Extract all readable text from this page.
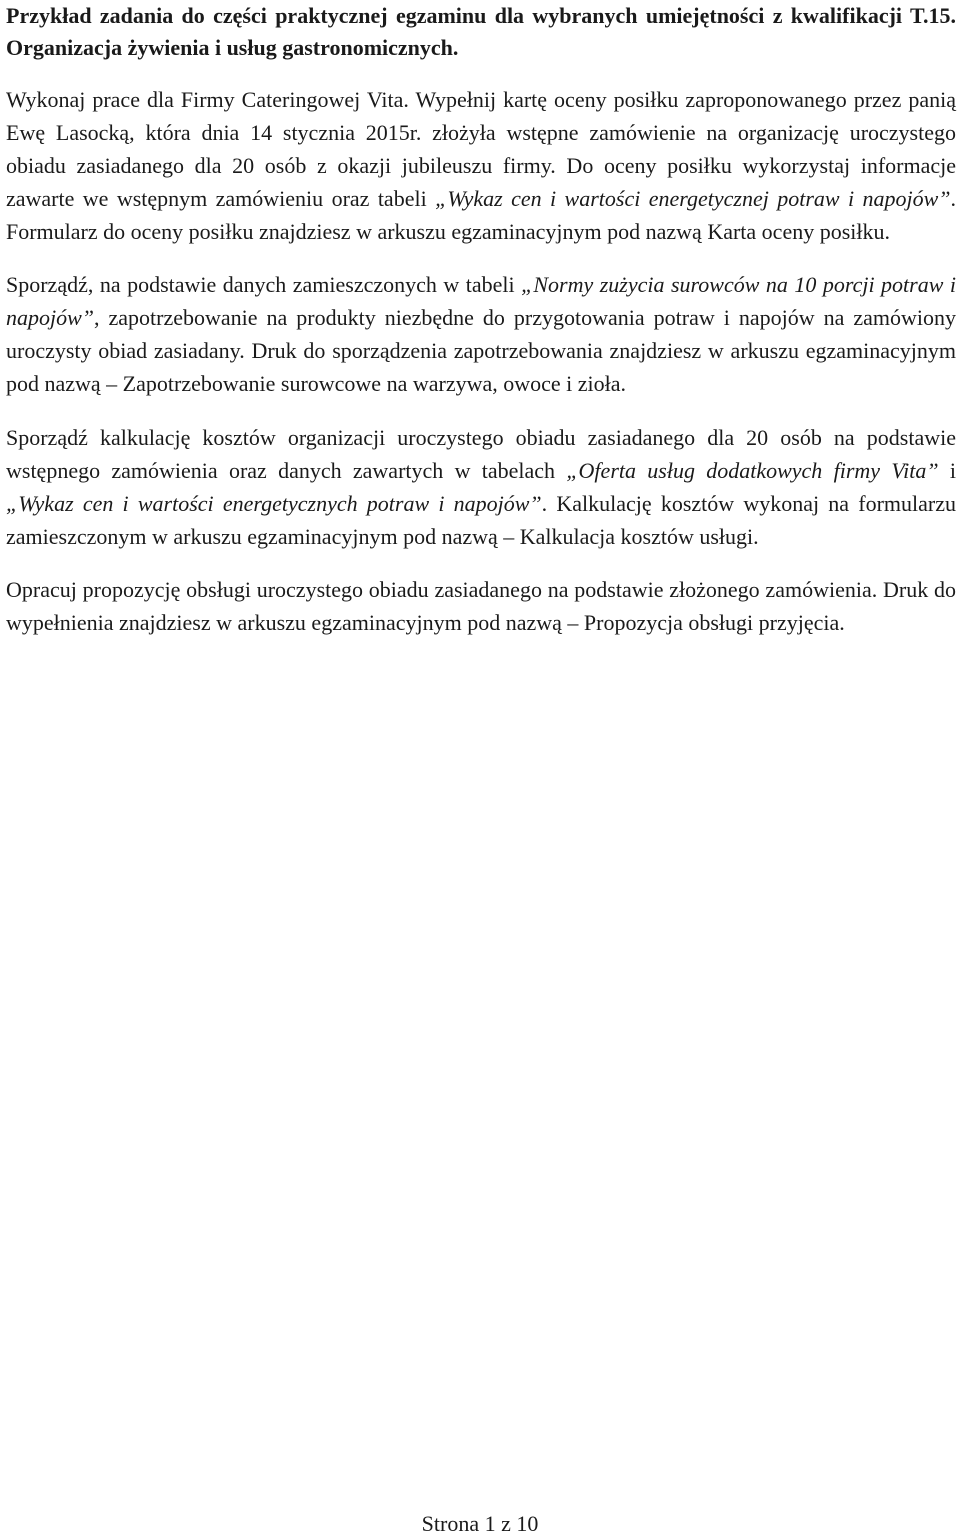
Przykład zadania do części praktycznej egzaminu dla wybranych umiejętności z kwalifikacji T.15. Organizacja żywienia i usług gastronomicznych.

Wykonaj prace dla Firmy Cateringowej Vita. Wypełnij kartę oceny posiłku zaproponowanego przez panią Ewę Lasocką, która dnia 14 stycznia 2015r. złożyła wstępne zamówienie na organizację uroczystego obiadu zasiadanego dla 20 osób z okazji jubileuszu firmy. Do oceny posiłku wykorzystaj informacje zawarte we wstępnym zamówieniu oraz tabeli „Wykaz cen i wartości energetycznej potraw i napojów”. Formularz do oceny posiłku znajdziesz w arkuszu egzaminacyjnym pod nazwą Karta oceny posiłku.

Sporządź, na podstawie danych zamieszczonych w tabeli „Normy zużycia surowców na 10 porcji potraw i napojów”, zapotrzebowanie na produkty niezbędne do przygotowania potraw i napojów na zamówiony uroczysty obiad zasiadany. Druk do sporządzenia zapotrzebowania znajdziesz w arkuszu egzaminacyjnym pod nazwą – Zapotrzebowanie surowcowe na warzywa, owoce i zioła.

Sporządź kalkulację kosztów organizacji uroczystego obiadu zasiadanego dla 20 osób na podstawie wstępnego zamówienia oraz danych zawartych w tabelach „Oferta usług dodatkowych firmy Vita” i „Wykaz cen i wartości energetycznych potraw i napojów”. Kalkulację kosztów wykonaj na formularzu zamieszczonym w arkuszu egzaminacyjnym pod nazwą – Kalkulacja kosztów usługi.

Opracuj propozycję obsługi uroczystego obiadu zasiadanego na podstawie złożonego zamówienia. Druk do wypełnienia znajdziesz w arkuszu egzaminacyjnym pod nazwą – Propozycja obsługi przyjęcia.

Strona 1 z 10
